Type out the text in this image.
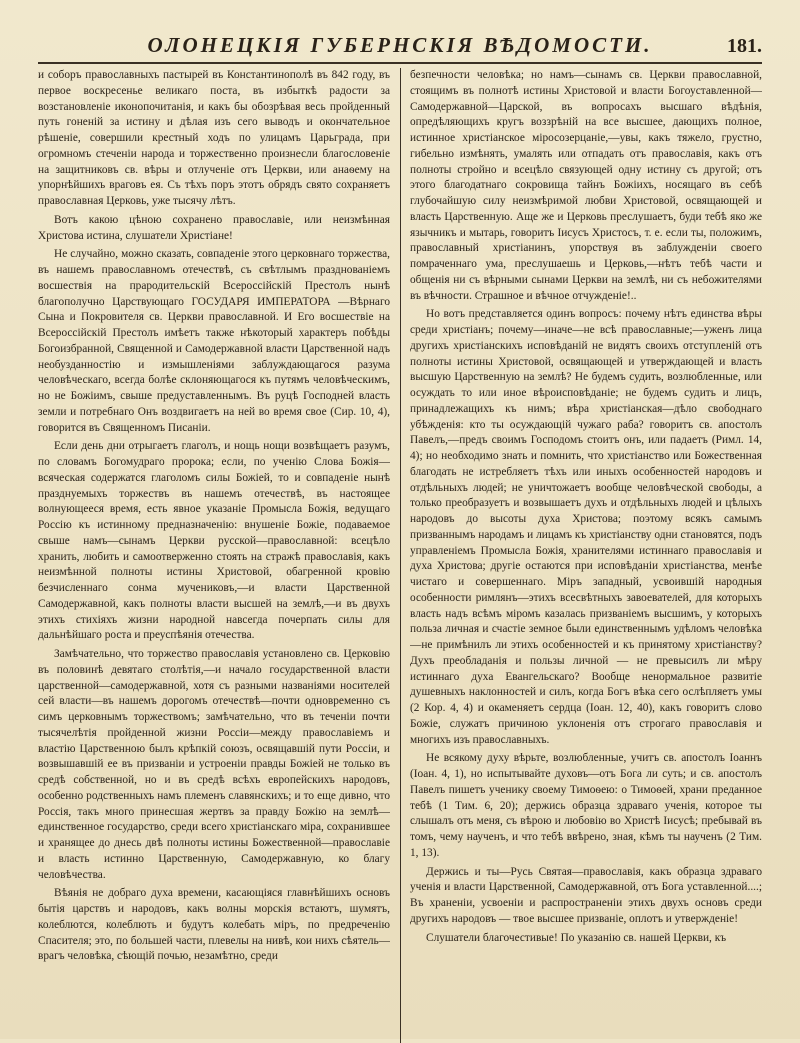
ОЛОНЕЦКІЯ ГУБЕРНСКІЯ ВѢДОМОСТИ.	181.

и соборъ православныхъ пастырей въ Константинополѣ въ 842 году, въ первое воскресенье великаго поста, въ избыткѣ радости за возстановленіе иконопочитанія, и какъ бы обозрѣвая весь пройденный путь гоненій за истину и дѣлая изъ сего выводъ и окончательное рѣшеніе, совершили крестный ходъ по улицамъ Царьграда, при огромномъ стеченіи народа и торжественно произнесли благословеніе на защитниковъ св. вѣры и отлученіе отъ Церкви, или анаѳему на упорнѣйшихъ враговъ ея. Съ тѣхъ поръ этотъ обрядъ свято сохраняетъ православная Церковь, уже тысячу лѣтъ.

Вотъ какою цѣною сохранено православіе, или неизмѣнная Христова истина, слушатели Христіане!

Не случайно, можно сказать, совпаденіе этого церковнаго торжества, въ нашемъ православномъ отечествѣ, съ свѣтлымъ празднованіемъ восшествія на прародительскій Всероссійскій Престолъ нынѣ благополучно Царствующаго ГОСУДАРЯ ИМПЕРАТОРА —Вѣрнаго Сына и Покровителя св. Церкви православной. И Его восшествіе на Всероссійскій Престолъ имѣетъ также нѣкоторый характеръ побѣды Богоизбранной, Священной и Самодержавной власти Царственной надъ необузданностію и измышленіями заблуждающагося разума человѣческаго, всегда болѣе склоняющагося къ путямъ человѣческимъ, но не Божіимъ, свыше предуставленнымъ. Въ руцѣ Господней власть земли и потребнаго Онъ воздвигаетъ на ней во время свое (Сир. 10, 4), говорится въ Священномъ Писаніи.

Если день дни отрыгаетъ глаголъ, и нощь нощи возвѣщаетъ разумъ, по словамъ Богомудраго пророка; если, по ученію Слова Божія—всяческая содержатся глаголомъ силы Божіей, то и совпаденіе нынѣ празднуемыхъ торжествъ въ нашемъ отечествѣ, въ настоящее волнующееся время, есть явное указаніе Промысла Божія, ведущаго Россію къ истинному предназначенію: внушеніе Божіе, подаваемое свыше намъ—сынамъ Церкви русской—православной: всецѣло хранить, любить и самоотверженно стоять на стражѣ православія, какъ неизмѣнной полноты истины Христовой, обагренной кровію безчисленнаго сонма мучениковъ,—и власти Царственной Самодержавной, какъ полноты власти высшей на землѣ,—и въ двухъ этихъ стихіяхъ жизни народной навсегда почерпать силы для дальнѣйшаго роста и преуспѣянія отечества.

Замѣчательно, что торжество православія установлено св. Церковію въ половинѣ девятаго столѣтія,—и начало государственной власти царственной—самодержавной, хотя съ разными названіями носителей сей власти—въ нашемъ дорогомъ отечествѣ—почти одновременно съ симъ церковнымъ торжествомъ; замѣчательно, что въ теченіи почти тысячелѣтія пройденной жизни Россіи—между православіемъ и властію Царственною былъ крѣпкій союзъ, освящавшій пути Россіи, и возвышавшій ее въ призваніи и устроеніи правды Божіей не только въ средѣ собственной, но и въ средѣ всѣхъ европейскихъ народовъ, особенно родственныхъ намъ племенъ славянскихъ; и то еще дивно, что Россія, такъ много принесшая жертвъ за правду Божію на землѣ—единственное государство, среди всего христіанскаго міра, сохранившее и хранящее до днесь двѣ полноты истины Божественной—православіе и власть истинно Царственную, Самодержавную, ко благу человѣчества.

Вѣянія не добраго духа времени, касающіяся главнѣйшихъ основъ бытія царствъ и народовъ, какъ волны морскія встаютъ, шумятъ, колеблются, колеблють и будутъ колебать міръ, по предреченію Спасителя; это, по большей части, плевелы на нивѣ, кои нихъ сѣятель—врагъ человѣка, сѣющій почью, незамѣтно, среди

безпечности человѣка; но намъ—сынамъ св. Церкви православной, стоящимъ въ полнотѣ истины Христовой и власти Богоуставленной—Самодержавной—Царской, въ вопросахъ высшаго вѣдѣнія, опредѣляющихъ кругъ воззрѣній на все высшее, дающихъ полное, истинное христіанское міросозерцаніе,—увы, какъ тяжело, грустно, гибельно измѣнять, умалять или отпадать отъ православія, какъ отъ полноты стройно и всецѣло связующей одну истину съ другой; отъ этого благодатнаго сокровища тайнъ Божіихъ, носящаго въ себѣ глубочайшую силу неизмѣримой любви Христовой, освящающей и власть Царственную. Аще же и Церковь преслушаетъ, буди тебѣ яко же язычникъ и мытарь, говоритъ Іисусъ Христосъ, т. е. если ты, положимъ, православный христіанинъ, упорствуя въ заблужденіи своего помраченнаго ума, преслушаешь и Церковь,—нѣтъ тебѣ части и общенія ни съ вѣрными сынами Церкви на землѣ, ни съ небожителями въ вѣчности. Страшное и вѣчное отчужденіе!..

Но вотъ представляется одинъ вопросъ: почему нѣтъ единства вѣры среди христіанъ; почему—иначе—не всѣ православные;—уженъ лица другихъ христіанскихъ исповѣданій не видятъ своихъ отступленій отъ полноты истины Христовой, освящающей и утверждающей и власть высшую Царственную на землѣ? Не будемъ судить, возлюбленные, или осуждать то или иное вѣроисповѣданіе; не будемъ судить и лицъ, принадлежащихъ къ нимъ; вѣра христіанская—дѣло свободнаго убѣжденія: кто ты осуждающій чужаго раба? говоритъ св. апостолъ Павелъ,—предъ своимъ Господомъ стоитъ онъ, или падаетъ (Римл. 14, 4); но необходимо знать и помнить, что христіанство или Божественная благодать не истребляетъ тѣхъ или иныхъ особенностей народовъ и отдѣльныхъ людей; не уничтожаетъ вообще человѣческой свободы, а только преобразуетъ и возвышаетъ духъ и отдѣльныхъ людей и цѣлыхъ народовъ до высоты духа Христова; поэтому всякъ самымъ призваннымъ народамъ и лицамъ къ христіанству одни становятся, подъ управленіемъ Промысла Божія, хранителями истиннаго православія и духа Христова; другіе остаются при исповѣданіи христіанства, менѣе чистаго и совершеннаго. Міръ западный, усвоившій народныя особенности римлянъ—этихъ всесвѣтныхъ завоевателей, для которыхъ власть надъ всѣмъ міромъ казалась призваніемъ высшимъ, у которыхъ польза личная и счастіе земное были единственнымъ удѣломъ человѣка—не примѣнилъ ли этихъ особенностей и къ принятому христіанству? Духъ преобладанія и пользы личной — не превысилъ ли мѣру истиннаго духа Евангельскаго? Вообще ненормальное развитіе душевныхъ наклонностей и силъ, когда Богъ вѣка сего ослѣпляетъ умы (2 Кор. 4, 4) и окаменяетъ сердца (Іоан. 12, 40), какъ говоритъ слово Божіе, служатъ причиною уклоненія отъ строгаго православія и многихъ изъ православныхъ.

Не всякому духу вѣрьте, возлюбленные, учитъ св. апостолъ Іоаннъ (Іоан. 4, 1), но испытывайте духовъ—отъ Бога ли суть; и св. апостолъ Павелъ пишетъ ученику своему Тимоѳею: о Тимоѳей, храни преданное тебѣ (1 Тим. 6, 20); держись образца здраваго ученія, которое ты слышалъ отъ меня, съ вѣрою и любовію во Христѣ Іисусѣ; пребывай въ томъ, чему наученъ, и что тебѣ ввѣрено, зная, кѣмъ ты наученъ (2 Тим. 1, 13).

Держись и ты—Русь Святая—православія, какъ образца здраваго ученія и власти Царственной, Самодержавной, отъ Бога уставленной....; Въ храненіи, усвоеніи и распространеніи этихъ двухъ основъ среди другихъ народовъ — твое высшее призваніе, оплотъ и утвержденіе!

Слушатели благочестивые! По указанію св. нашей Церкви, къ
